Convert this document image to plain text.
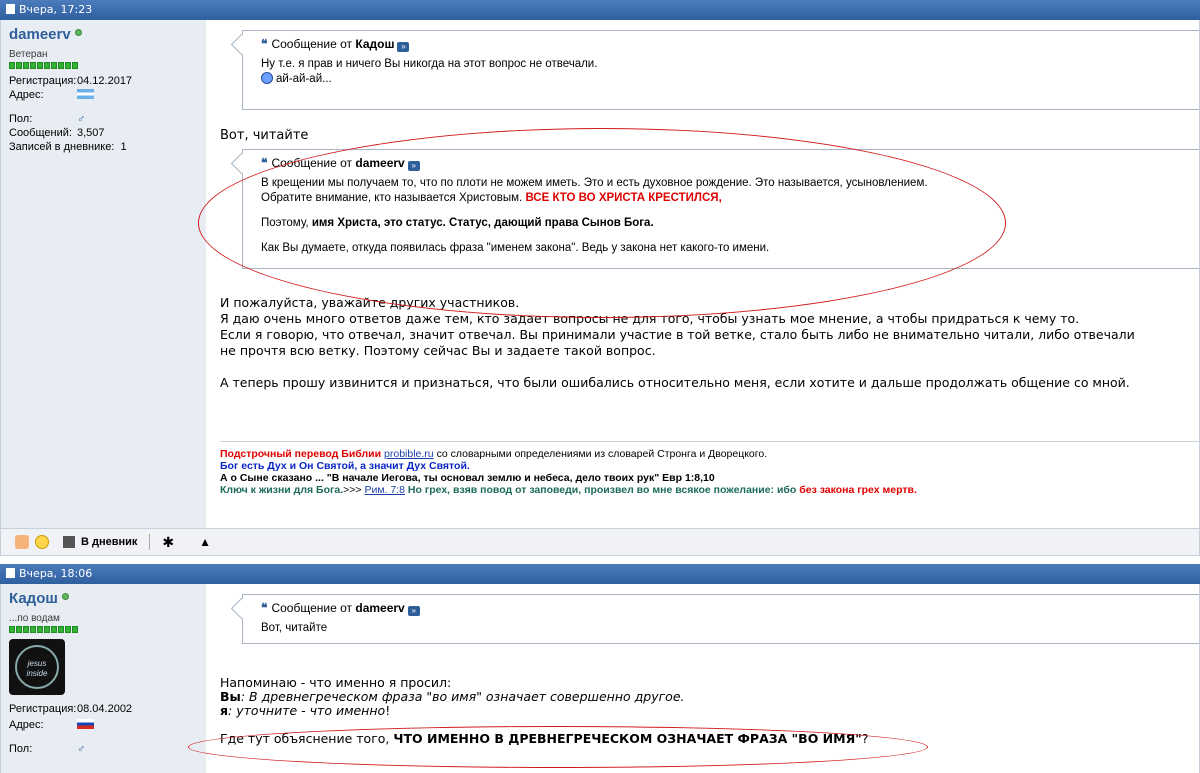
Вчера, 17:23
dameerv
Ветеран
Регистрация: 04.12.2017
Адрес:
Пол:	♂
Сообщений: 3,507
Записей в дневнике:
1
❝ Сообщение от Кадош »
Ну т.е. я прав и ничего Вы никогда на этот вопрос не отвечали.
ай-ай-ай...
Вот, читайте
❝ Сообщение от dameerv »
В крещении мы получаем то, что по плоти не можем иметь. Это и есть духовное рождение. Это называется, усыновлением.
Обратите внимание, кто называется Христовым. ВСЕ КТО ВО ХРИСТА КРЕСТИЛСЯ,
Поэтому, имя Христа, это статус. Статус, дающий права Сынов Бога.
Как Вы думаете, откуда появилась фраза "именем закона". Ведь у закона нет какого-то имени.
И пожалуйста, уважайте других участников.
Я даю очень много ответов даже тем, кто задает вопросы не для того, чтобы узнать мое мнение, а чтобы придраться к чему то.
Если я говорю, что отвечал, значит отвечал. Вы принимали участие в той ветке, стало быть либо не внимательно читали, либо отвечали
не прочтя всю ветку. Поэтому сейчас Вы и задаете такой вопрос.
А теперь прошу извинится и признаться, что были ошибались относительно меня, если хотите и дальше продолжать общение со мной.
Подстрочный перевод Библии probible.ru со словарными определениями из словарей Стронга и Дворецкого.
Бог есть Дух и Он Святой, а значит Дух Святой.
А о Сыне сказано ... "В начале Иегова, ты основал землю и небеса, дело твоих рук" Евр 1:8,10
Ключ к жизни для Бога.>>> Рим. 7:8 Но грех, взяв повод от заповеди, произвел во мне всякое пожелание: ибо без закона грех мертв.
В дневник ✱ ▲
Вчера, 18:06
Кадош
...по водам
jesus inside
Регистрация: 08.04.2002
Адрес:
Пол:	♂
❝ Сообщение от dameerv »
Вот, читайте
Напоминаю - что именно я просил:
Вы: В древнегреческом фраза "во имя" означает совершенно другое.
я: уточните - что именно!
Где тут объяснение того, ЧТО ИМЕННО В ДРЕВНЕГРЕЧЕСКОМ ОЗНАЧАЕТ ФРАЗА "ВО ИМЯ"?
